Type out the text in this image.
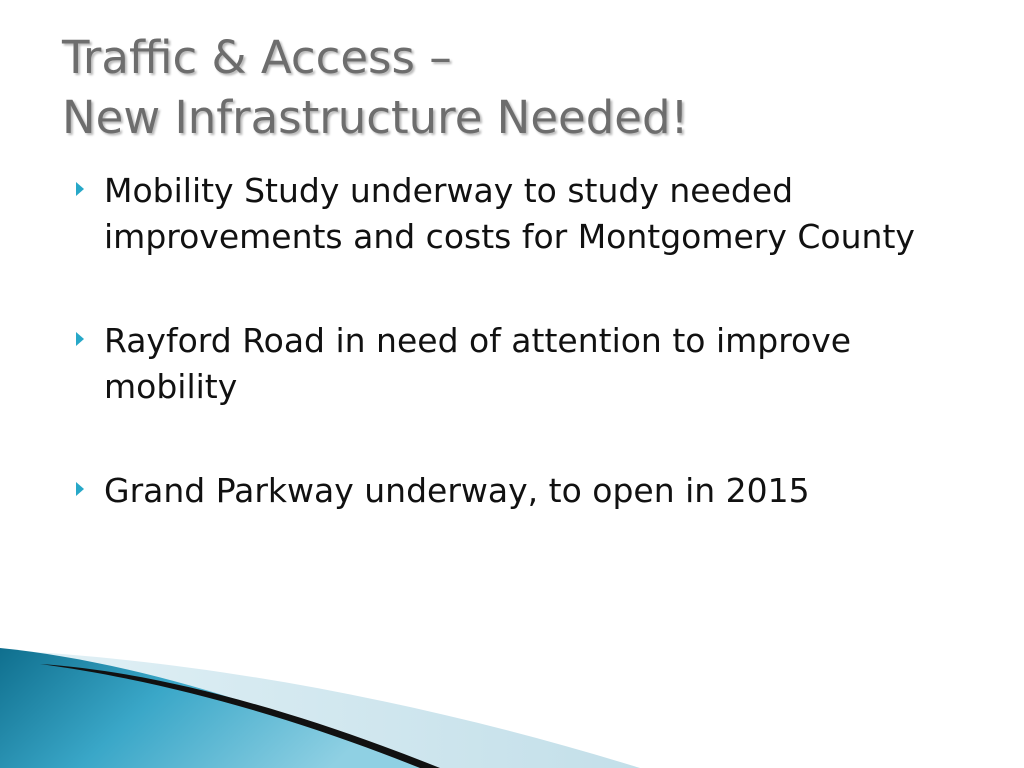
Traffic & Access –
New Infrastructure Needed!
Mobility Study underway to study needed improvements and costs for Montgomery County
Rayford Road in need of attention to improve mobility
Grand Parkway underway, to open in 2015
